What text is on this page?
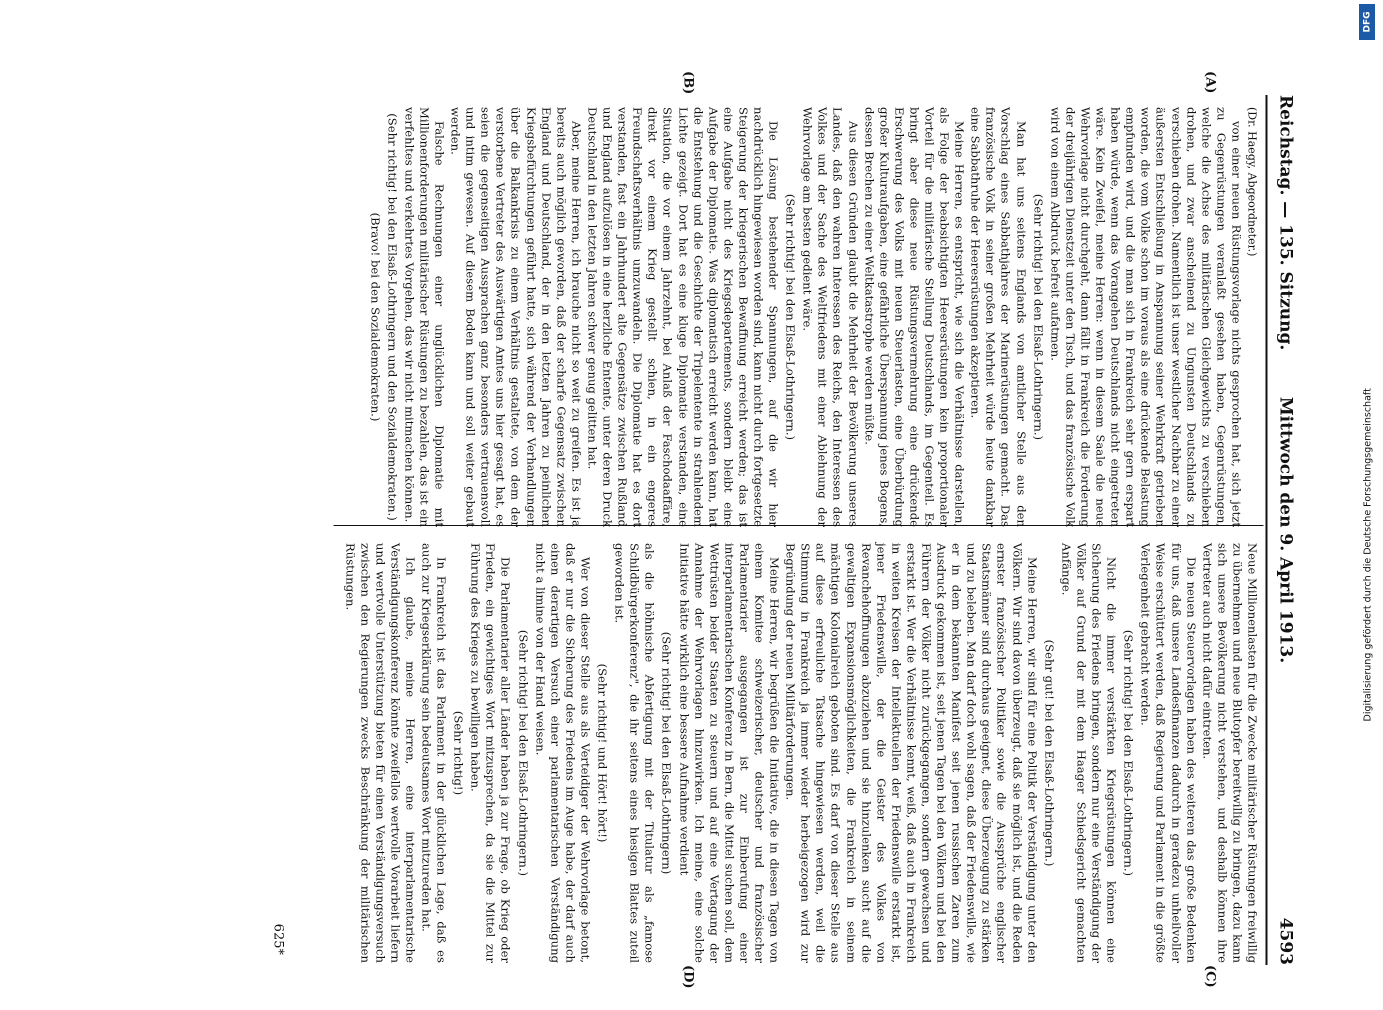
Reichstag. — 135. Sitzung.
Mittwoch den 9. April 1913.
4593
(A)
(B)
(C)
(D)

(Dr. Haegy, Abgeordneter.)

von einer neuen Rüstungsvorlage nichts gesprochen hat, sich jetzt zu Gegenrüstungen veranlaßt gesehen haben, Gegenrüstungen, welche die Achse des militärischen Gleichgewichts zu verschieben drohen, und zwar anscheinend zu Ungunsten Deutschlands zu verschieben drohen. Namentlich ist unser westlicher Nachbar zu einer äußersten Entschließung in Anspannung seiner Wehrkraft getrieben worden, die vom Volke schon im voraus als eine drückende Belastung empfunden wird, und die man sich in Frankreich sehr gern erspart haben würde, wenn das Vorangehen Deutschlands nicht eingetreten wäre. Kein Zweifel, meine Herren: wenn in diesem Saale die neue Wehrvorlage nicht durchgeht, dann fällt in Frankreich die Forderung der dreijährigen Dienstzeit unter den Tisch, und das französische Volk wird von einem Albdruck befreit aufatmen.

(Sehr richtig! bei den Elsaß-Lothringern.)

Man hat uns seitens Englands von amtlicher Stelle aus den Vorschlag eines Sabbathjahres der Marinerüstungen gemacht. Das französische Volk in seiner großen Mehrheit würde heute dankbar eine Sabbathruhe der Heeresrüstungen akzeptieren.

Meine Herren, es entspricht, wie sich die Verhältnisse darstellen, als Folge der beabsichtigten Heeresrüstungen kein proportionaler Vorteil für die militärische Stellung Deutschlands, im Gegenteil. Es bringt aber diese neue Rüstungsvermehrung eine drückende Erschwerung des Volks mit neuen Steuerlasten, eine Überbürdung großer Kulturaufgaben, eine gefährliche Überspannung jenes Bogens, dessen Brechen zu einer Weltkatastrophe werden müßte.

Aus diesen Gründen glaubt die Mehrheit der Bevölkerung unseres Landes, daß den wahren Interessen des Reichs, den Interessen des Volkes und der Sache des Weltfriedens mit einer Ablehnung der Wehrvorlage am besten gedient wäre.

(Sehr richtig! bei den Elsaß-Lothringern.)

Die Lösung bestehender Spannungen, auf die wir hier nachdrücklich hingewiesen worden sind, kann nicht durch fortgesetzte Steigerung der kriegerischen Bewaffnung erreicht werden; das ist eine Aufgabe nicht des Kriegsdepartements, sondern bleibt eine Aufgabe der Diplomatie. Was diplomatisch erreicht werden kann, hat die Entstehung und die Geschichte der Tripelentente in strahlendem Lichte gezeigt. Dort hat es eine kluge Diplomatie verstanden, eine Situation, die vor einem Jahrzehnt, bei Anlaß der Faschodaaffäre, direkt vor einem Krieg gestellt schien, in ein engeres Freundschaftsverhältnis umzuwandeln. Die Diplomatie hat es dort verstanden, fast ein Jahrhundert alte Gegensätze zwischen Rußland und England aufzulösen in eine herzliche Entente, unter deren Druck Deutschland in den letzten Jahren schwer genug gelitten hat.

Aber, meine Herren, ich brauche nicht so weit zu greifen. Es ist ja bereits auch möglich geworden, daß der scharfe Gegensatz zwischen England und Deutschland, der in den letzten Jahren zu peinlichen Kriegsbefürchtungen geführt hatte, sich während der Verhandlungen über die Balkankrisis zu einem Verhältnis gestaltete, von dem der verstorbene Vertreter des Auswärtigen Amtes uns hier gesagt hat, es seien die gegenseitigen Aussprachen ganz besonders vertrauensvoll und intim gewesen. Auf diesem Boden kann und soll weiter gebaut werden.

Falsche Rechnungen einer unglücklichen Diplomatie mit Millionenforderungen militärischer Rüstungen zu bezahlen, das ist ein verfehltes und verkehrtes Vorgehen, das wir nicht mitmachen können.

(Sehr richtig! bei den Elsaß-Lothringern und den Sozialdemokraten.)

(Bravo! bei den Sozialdemokraten.)

Neue Millionenlasten für die Zwecke militärischer Rüstungen freiwillig zu übernehmen und neue Blutopfer bereitwillig zu bringen, dazu kann sich unsere Bevölkerung nicht verstehen, und deshalb können ihre Vertreter auch nicht dafür eintreten.

Die neuen Steuervorlagen haben des weiteren das große Bedenken für uns, daß unsere Landesfinanzen dadurch in geradezu unheilvoller Weise erschüttert werden, daß Regierung und Parlament in die größte Verlegenheit gebracht werden.

(Sehr richtig! bei den Elsaß-Lothringern.)

Nicht die immer verstärkten Kriegsrüstungen können eine Sicherung des Friedens bringen, sondern nur eine Verständigung der Völker auf Grund der mit dem Haager Schiedsgericht gemachten Anfänge.

(Sehr gut! bei den Elsaß-Lothringern.)

Meine Herren, wir sind für eine Politik der Verständigung unter den Völkern. Wir sind davon überzeugt, daß sie möglich ist, und die Reden ernster französischer Politiker sowie die Aussprüche englischer Staatsmänner sind durchaus geeignet, diese Überzeugung zu stärken und zu beleben. Man darf doch wohl sagen, daß der Friedenswille, wie er in dem bekannten Manifest seit jenen russischen Zaren zum Ausdruck gekommen ist, seit jenen Tagen bei den Völkern und bei den Führern der Völker nicht zurückgegangen, sondern gewachsen und erstarkt ist. Wer die Verhältnisse kennt, weiß, daß auch in Frankreich in weiten Kreisen der Intellektuellen der Friedenswille erstarkt ist, jener Friedenswille, der die Geister des Volkes von Revanchehoffnungen abzuziehen und sie hinzulenken sucht auf die gewaltigen Expansionsmöglichkeiten, die Frankreich in seinem mächtigen Kolonialreich geboten sind. Es darf von dieser Stelle aus auf diese erfreuliche Tatsache hingewiesen werden, weil die Stimmung in Frankreich ja immer wieder herbeigezogen wird zur Begründung der neuen Militärforderungen.

Meine Herren, wir begrüßen die Initiative, die in diesen Tagen von einem Komitee schweizerischer, deutscher und französischer Parlamentarier ausgegangen ist zur Einberufung einer interparlamentarischen Konferenz in Bern, die Mittel suchen soll, dem Wettrüsten beider Staaten zu steuern und auf eine Vertagung der Annahme der Wehrvorlagen hinzuwirken. Ich meine, eine solche Initiative hätte wirklich eine bessere Aufnahme verdient

(Sehr richtig! bei den Elsaß-Lothringern)

als die höhnische Abfertigung mit der Titulatur als „famose Schildbürgerkonferenz", die ihr seitens eines hiesigen Blattes zuteil geworden ist.

(Sehr richtig! und Hört! hört!)

Wer von dieser Stelle aus als Verteidiger der Wehrvorlage betont, daß er nur die Sicherung des Friedens im Auge habe, der darf auch einen derartigen Versuch einer parlamentarischen Verständigung nicht a limine von der Hand weisen.

(Sehr richtig! bei den Elsaß-Lothringern.)

Die Parlamentarier aller Länder haben ja zur Frage, ob Krieg oder Frieden, ein gewichtiges Wort mitzusprechen, da sie die Mittel zur Führung des Krieges zu bewilligen haben.

(Sehr richtig!)

In Frankreich ist das Parlament in der glücklichen Lage, daß es auch zur Kriegserklärung sein bedeutsames Wort mitzureden hat.

Ich glaube, meine Herren, eine interparlamentarische Verständigungskonferenz könnte zweifellos wertvolle Vorarbeit liefern und wertvolle Unterstützung bieten für einen Verständigungsversuch zwischen den Regierungen zwecks Beschränkung der militärischen Rüstungen.

625*
DFG
Digitalisierung gefördert durch die Deutsche Forschungsgemeinschaft
